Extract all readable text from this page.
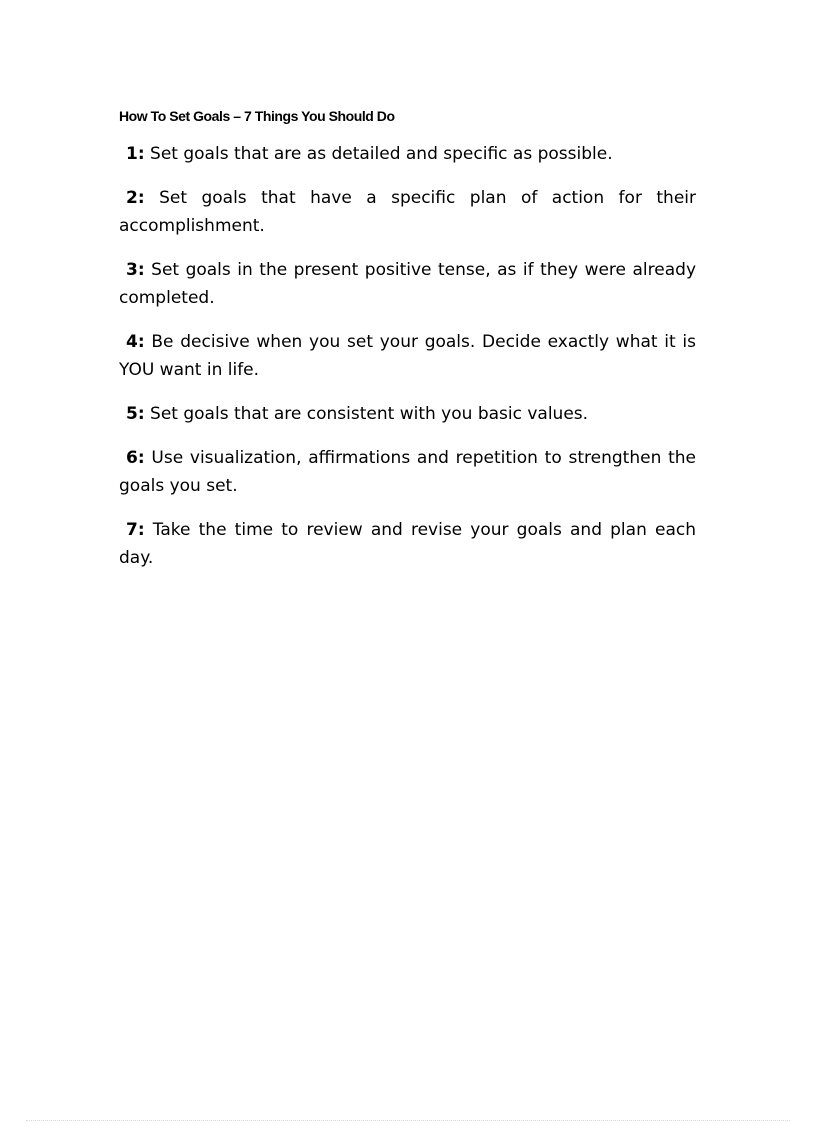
How To Set Goals – 7 Things You Should Do

1: Set goals that are as detailed and specific as possible.

2: Set goals that have a specific plan of action for their accomplishment.

3: Set goals in the present positive tense, as if they were already completed.

4: Be decisive when you set your goals. Decide exactly what it is YOU want in life.

5: Set goals that are consistent with you basic values.

6: Use visualization, affirmations and repetition to strengthen the goals you set.

7: Take the time to review and revise your goals and plan each day.
